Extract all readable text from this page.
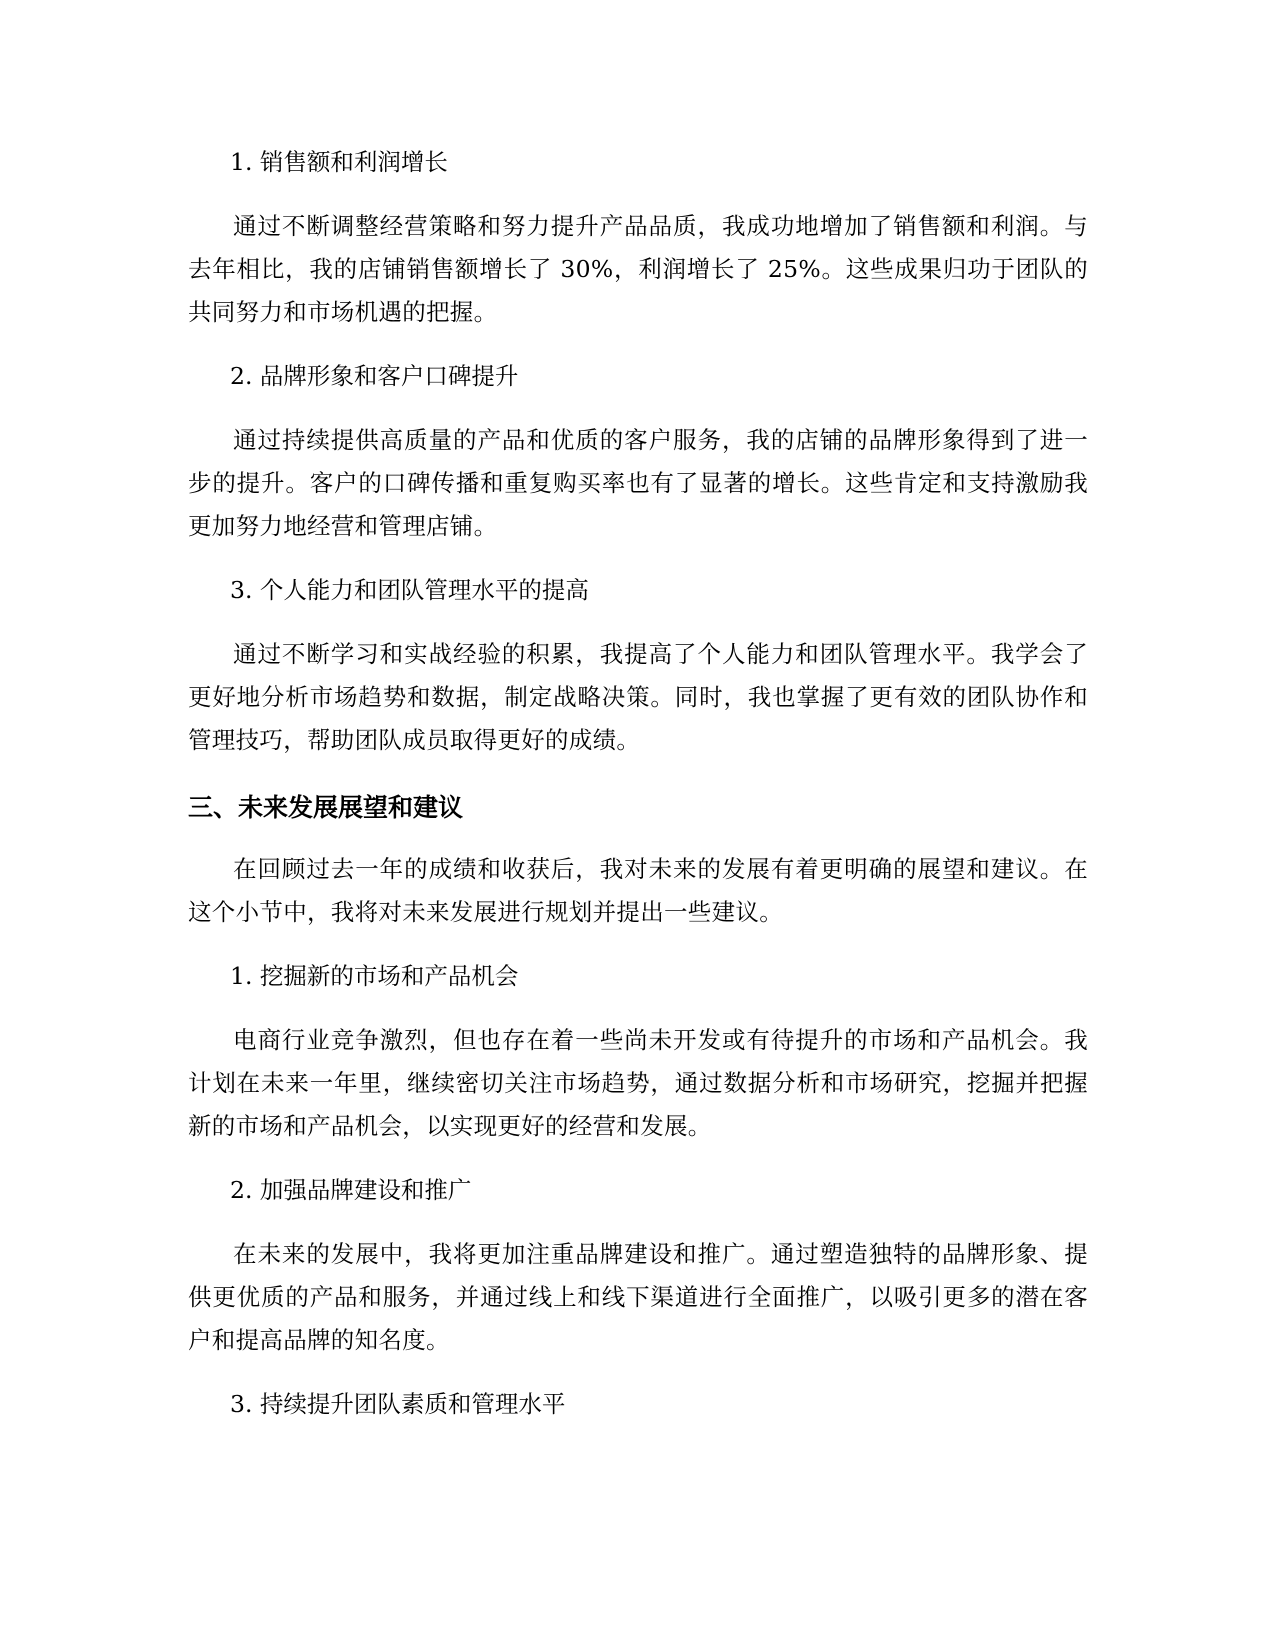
1. 销售额和利润增长

通过不断调整经营策略和努力提升产品品质，我成功地增加了销售额和利润。与去年相比，我的店铺销售额增长了 30%，利润增长了 25%。这些成果归功于团队的共同努力和市场机遇的把握。

2. 品牌形象和客户口碑提升

通过持续提供高质量的产品和优质的客户服务，我的店铺的品牌形象得到了进一步的提升。客户的口碑传播和重复购买率也有了显著的增长。这些肯定和支持激励我更加努力地经营和管理店铺。

3. 个人能力和团队管理水平的提高

通过不断学习和实战经验的积累，我提高了个人能力和团队管理水平。我学会了更好地分析市场趋势和数据，制定战略决策。同时，我也掌握了更有效的团队协作和管理技巧，帮助团队成员取得更好的成绩。

三、未来发展展望和建议

在回顾过去一年的成绩和收获后，我对未来的发展有着更明确的展望和建议。在这个小节中，我将对未来发展进行规划并提出一些建议。

1. 挖掘新的市场和产品机会

电商行业竞争激烈，但也存在着一些尚未开发或有待提升的市场和产品机会。我计划在未来一年里，继续密切关注市场趋势，通过数据分析和市场研究，挖掘并把握新的市场和产品机会，以实现更好的经营和发展。

2. 加强品牌建设和推广

在未来的发展中，我将更加注重品牌建设和推广。通过塑造独特的品牌形象、提供更优质的产品和服务，并通过线上和线下渠道进行全面推广，以吸引更多的潜在客户和提高品牌的知名度。

3. 持续提升团队素质和管理水平
